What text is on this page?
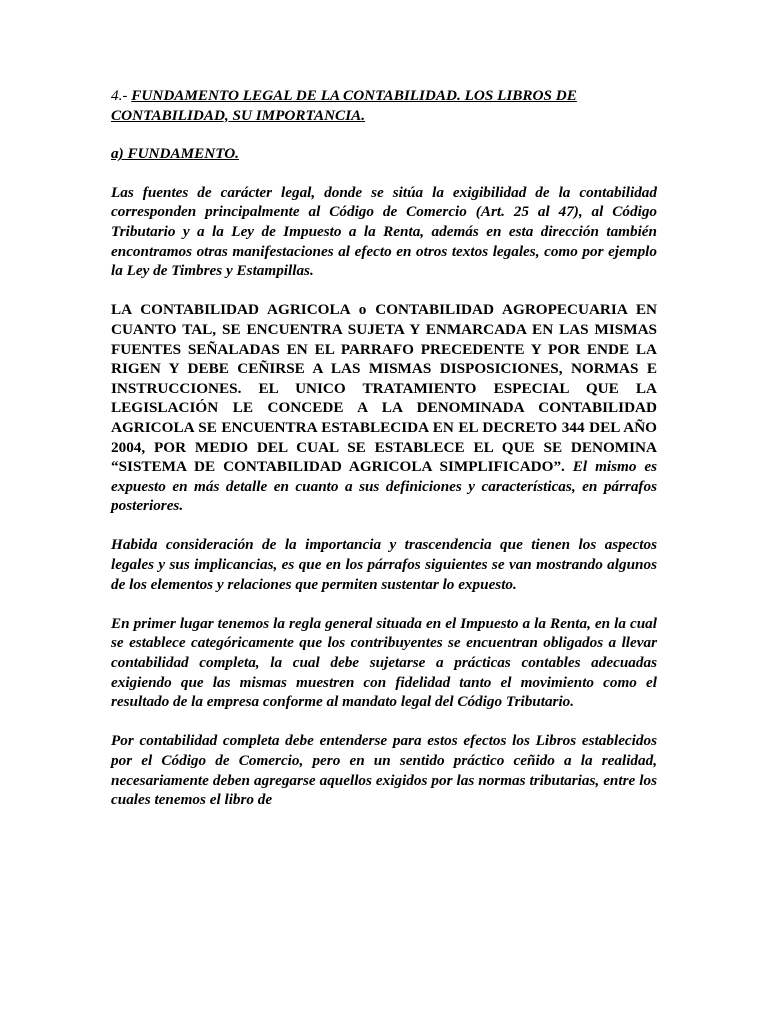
4.- FUNDAMENTO LEGAL DE LA CONTABILIDAD. LOS LIBROS DE CONTABILIDAD, SU IMPORTANCIA.
a) FUNDAMENTO.

Las fuentes de carácter legal, donde se sitúa la exigibilidad de la contabilidad corresponden principalmente al Código de Comercio (Art. 25 al 47), al Código Tributario y a la Ley de Impuesto a la Renta, además en esta dirección también encontramos otras manifestaciones al efecto en otros textos legales, como por ejemplo la Ley de Timbres y Estampillas.

LA CONTABILIDAD AGRICOLA o CONTABILIDAD AGROPECUARIA EN CUANTO TAL, SE ENCUENTRA SUJETA Y ENMARCADA EN LAS MISMAS FUENTES SEÑALADAS EN EL PARRAFO PRECEDENTE Y POR ENDE LA RIGEN Y DEBE CEÑIRSE A LAS MISMAS DISPOSICIONES, NORMAS E INSTRUCCIONES. EL UNICO TRATAMIENTO ESPECIAL QUE LA LEGISLACIÓN LE CONCEDE A LA DENOMINADA CONTABILIDAD AGRICOLA SE ENCUENTRA ESTABLECIDA EN EL DECRETO 344 DEL AÑO 2004, POR MEDIO DEL CUAL SE ESTABLECE EL QUE SE DENOMINA “SISTEMA DE CONTABILIDAD AGRICOLA SIMPLIFICADO”. El mismo es expuesto en más detalle en cuanto a sus definiciones y características, en párrafos posteriores.

Habida consideración de la importancia y trascendencia que tienen los aspectos legales y sus implicancias, es que en los párrafos siguientes se van mostrando algunos de los elementos y relaciones que permiten sustentar lo expuesto.

En primer lugar tenemos la regla general situada en el Impuesto a la Renta, en la cual se establece categóricamente que los contribuyentes se encuentran obligados a llevar contabilidad completa, la cual debe sujetarse a prácticas contables adecuadas exigiendo que las mismas muestren con fidelidad tanto el movimiento como el resultado de la empresa conforme al mandato legal del Código Tributario.

Por contabilidad completa debe entenderse para estos efectos los Libros establecidos por el Código de Comercio, pero en un sentido práctico ceñido a la realidad, necesariamente deben agregarse aquellos exigidos por las normas tributarias, entre los cuales tenemos el libro de
